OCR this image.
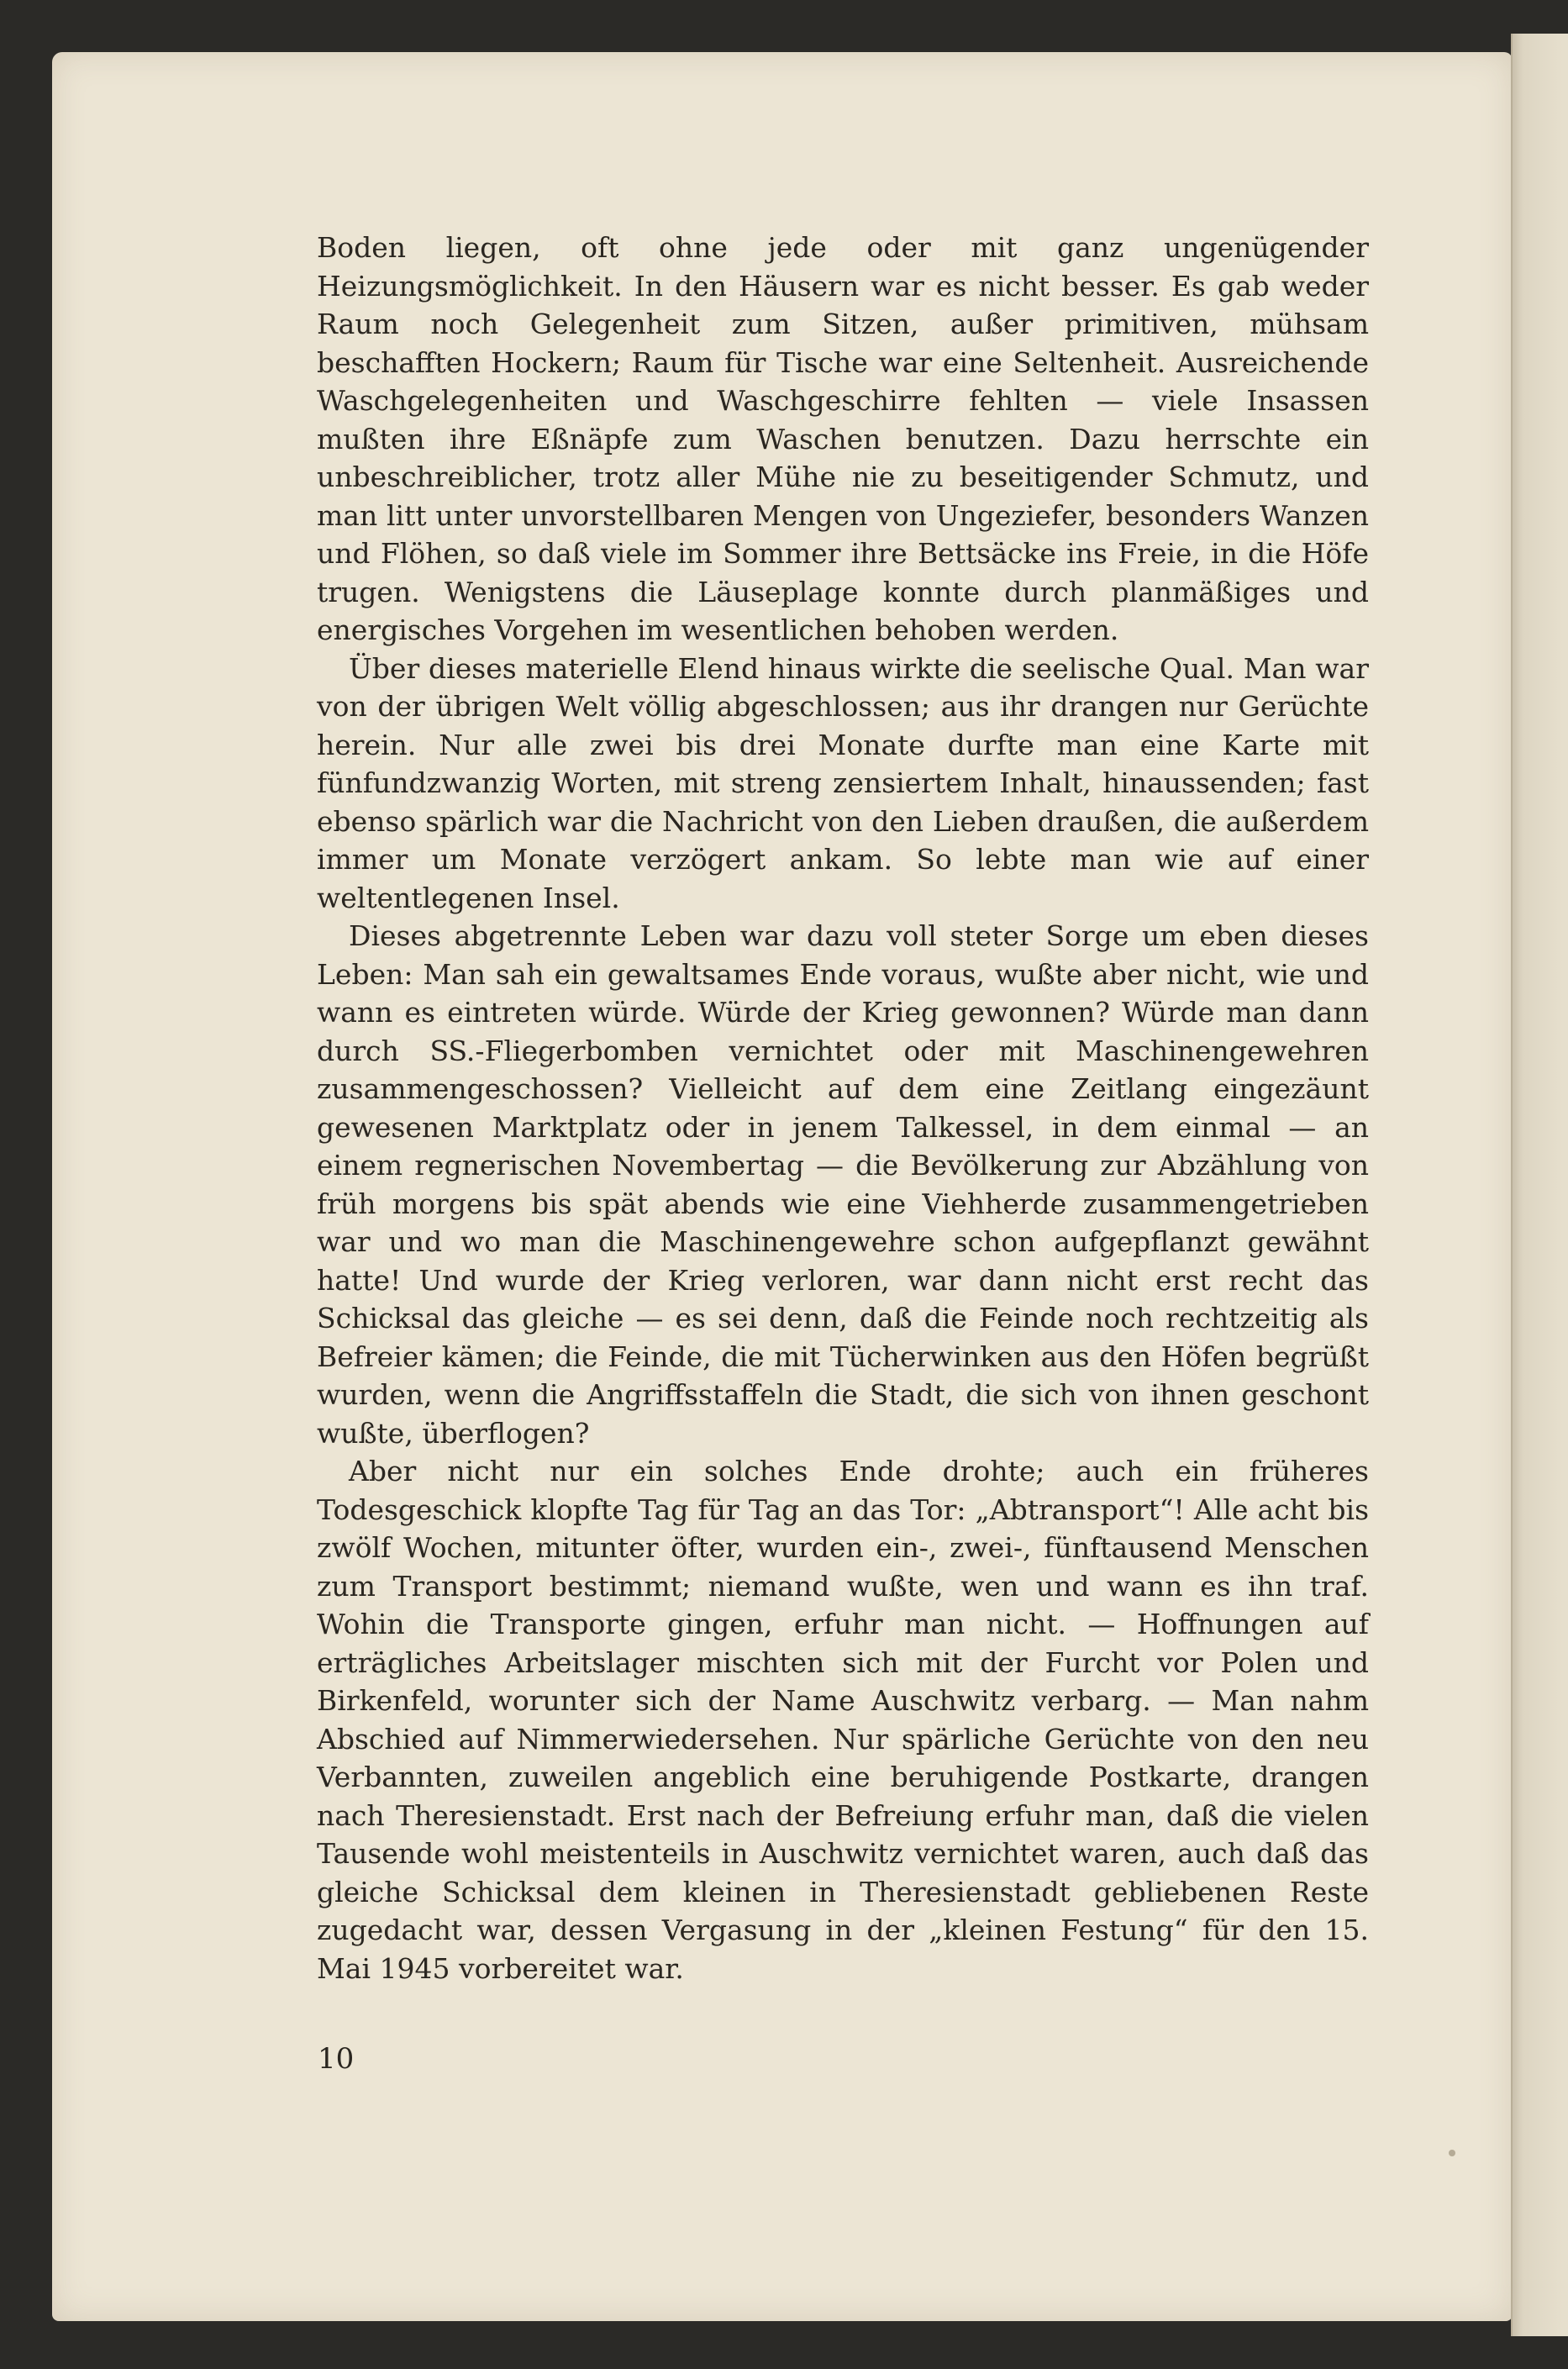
Boden liegen, oft ohne jede oder mit ganz ungenügender Heizungsmöglichkeit. In den Häusern war es nicht besser. Es gab weder Raum noch Gelegenheit zum Sitzen, außer primitiven, mühsam beschafften Hockern; Raum für Tische war eine Seltenheit. Ausreichende Waschgelegenheiten und Waschgeschirre fehlten — viele Insassen mußten ihre Eßnäpfe zum Waschen benutzen. Dazu herrschte ein unbeschreiblicher, trotz aller Mühe nie zu beseitigender Schmutz, und man litt unter unvorstellbaren Mengen von Ungeziefer, besonders Wanzen und Flöhen, so daß viele im Sommer ihre Bettsäcke ins Freie, in die Höfe trugen. Wenigstens die Läuseplage konnte durch planmäßiges und energisches Vorgehen im wesentlichen behoben werden.

Über dieses materielle Elend hinaus wirkte die seelische Qual. Man war von der übrigen Welt völlig abgeschlossen; aus ihr drangen nur Gerüchte herein. Nur alle zwei bis drei Monate durfte man eine Karte mit fünfundzwanzig Worten, mit streng zensiertem Inhalt, hinaussenden; fast ebenso spärlich war die Nachricht von den Lieben draußen, die außerdem immer um Monate verzögert ankam. So lebte man wie auf einer weltentlegenen Insel.

Dieses abgetrennte Leben war dazu voll steter Sorge um eben dieses Leben: Man sah ein gewaltsames Ende voraus, wußte aber nicht, wie und wann es eintreten würde. Würde der Krieg gewonnen? Würde man dann durch SS.-Fliegerbomben vernichtet oder mit Maschinengewehren zusammengeschossen? Vielleicht auf dem eine Zeitlang eingezäunt gewesenen Marktplatz oder in jenem Talkessel, in dem einmal — an einem regnerischen Novembertag — die Bevölkerung zur Abzählung von früh morgens bis spät abends wie eine Viehherde zusammengetrieben war und wo man die Maschinengewehre schon aufgepflanzt gewähnt hatte! Und wurde der Krieg verloren, war dann nicht erst recht das Schicksal das gleiche — es sei denn, daß die Feinde noch rechtzeitig als Befreier kämen; die Feinde, die mit Tücherwinken aus den Höfen begrüßt wurden, wenn die Angriffsstaffeln die Stadt, die sich von ihnen geschont wußte, überflogen?

Aber nicht nur ein solches Ende drohte; auch ein früheres Todesgeschick klopfte Tag für Tag an das Tor: „Abtransport“! Alle acht bis zwölf Wochen, mitunter öfter, wurden ein-, zwei-, fünftausend Menschen zum Transport bestimmt; niemand wußte, wen und wann es ihn traf. Wohin die Transporte gingen, erfuhr man nicht. — Hoffnungen auf erträgliches Arbeitslager mischten sich mit der Furcht vor Polen und Birkenfeld, worunter sich der Name Auschwitz verbarg. — Man nahm Abschied auf Nimmerwiedersehen. Nur spärliche Gerüchte von den neu Verbannten, zuweilen angeblich eine beruhigende Postkarte, drangen nach Theresienstadt. Erst nach der Befreiung erfuhr man, daß die vielen Tausende wohl meistenteils in Auschwitz vernichtet waren, auch daß das gleiche Schicksal dem kleinen in Theresienstadt gebliebenen Reste zugedacht war, dessen Vergasung in der „kleinen Festung“ für den 15. Mai 1945 vorbereitet war.

10
